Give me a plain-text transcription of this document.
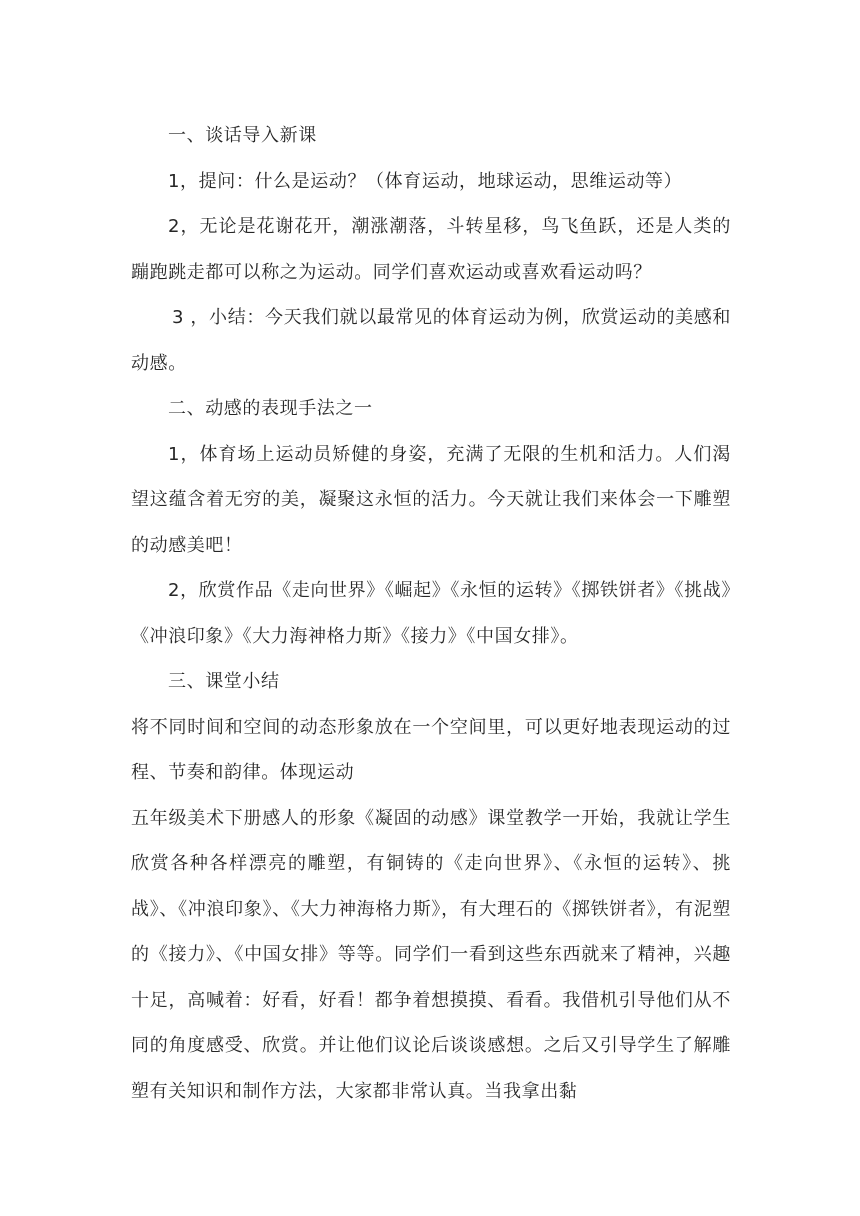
一、谈话导入新课

1，提问：什么是运动？（体育运动，地球运动，思维运动等）

2，无论是花谢花开，潮涨潮落，斗转星移，鸟飞鱼跃，还是人类的蹦跑跳走都可以称之为运动。同学们喜欢运动或喜欢看运动吗？

3 ，小结：今天我们就以最常见的体育运动为例，欣赏运动的美感和动感。

二、动感的表现手法之一

1，体育场上运动员矫健的身姿，充满了无限的生机和活力。人们渴望这蕴含着无穷的美，凝聚这永恒的活力。今天就让我们来体会一下雕塑的动感美吧！

2，欣赏作品《走向世界》《崛起》《永恒的运转》《掷铁饼者》《挑战》《冲浪印象》《大力海神格力斯》《接力》《中国女排》。

三、课堂小结

将不同时间和空间的动态形象放在一个空间里，可以更好地表现运动的过程、节奏和韵律。体现运动

五年级美术下册感人的形象《凝固的动感》课堂教学一开始，我就让学生欣赏各种各样漂亮的雕塑，有铜铸的《走向世界》、《永恒的运转》、挑战》、《冲浪印象》、《大力神海格力斯》，有大理石的《掷铁饼者》，有泥塑的《接力》、《中国女排》等等。同学们一看到这些东西就来了精神，兴趣十足，高喊着：好看，好看！都争着想摸摸、看看。我借机引导他们从不同的角度感受、欣赏。并让他们议论后谈谈感想。之后又引导学生了解雕塑有关知识和制作方法，大家都非常认真。当我拿出黏
